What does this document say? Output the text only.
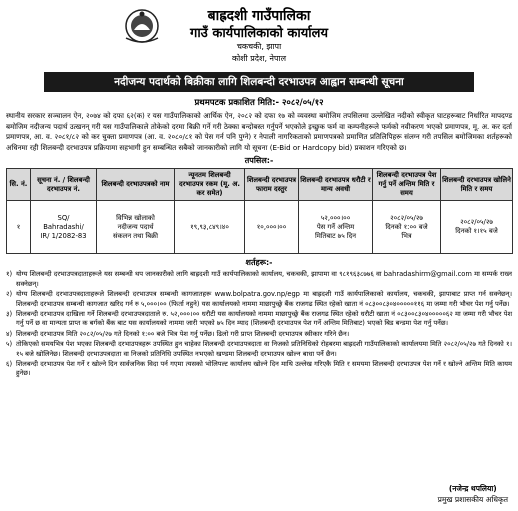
बाह्रदशी गाउँपालिका
गाउँ कार्यपालिकाको कार्यालय
चकचकी, झापा
कोशी प्रदेश, नेपाल
नदीजन्य पदार्थको बिक्रीका लागि शिलबन्दी दरभाउपत्र आह्वान सम्बन्धी सूचना
प्रथमपटक प्रकाशित मिति:- २०८२/०५/१२
स्थानीय सरकार सञ्चालन ऐन, २०७४ को दफा ६२(क) र यस गाउँपालिकाको आर्थिक ऐन, २०८२ को दफा १७ को व्यवस्था बमोजिम तपसिलमा उल्लेखित नदीको स्वीकृत घाटहरूबाट निर्धारित मापदण्ड बमोजिम नदीजन्य पदार्थ उत्खनन् गरी यस गाउँपालिकाले तोकेको दरमा बिक्री गर्ने गरी ठेक्का बन्दोबस्त गर्नुपर्ने भएकोले इच्छुक फर्म वा कम्पनीहरूले फर्मको नवीकरण भएको प्रमाणपत्र, मू. अ. कर दर्ता प्रमाणपत्र, आ. व. २०८१/८२ को कर चुक्ता प्रमाणपत्र (आ. व. २०८०/८१ को पेस गर्न पनि पुग्ने) र नेपाली नागरिकताको प्रमाणपत्रको प्रमाणित प्रतिलिपिहरू संलग्न गरी तपसिल बमोजिमका शर्तहरूको अधिनमा रही शिलबन्दी दरभाउपत्र प्रक्रियामा सहभागी हुन सम्बन्धित सबैको जानकारीको लागि यो सूचना (E-Bid or Hardcopy bid) प्रकाशन गरिएको छ।
तपसिल:-
सि. नं.	सूचना नं. / शिलबन्दी दरभाउपत्र नं.	शिलबन्दी दरभाउपत्रको नाम	न्यूनतम शिलबन्दी दरभाउपत्र रकम (मू. अ. कर समेत)	शिलबन्दी दरभाउपत्र फाराम दस्तुर	शिलबन्दी दरभाउपत्र धरौटी र मान्य अवधी	शिलबन्दी दरभाउपत्र पेश गर्नु पर्ने अन्तिम मिति र समय	शिलबन्दी दरभाउपत्र खोलिने मिति र समय
१	SQ/
Bahradashi/
IR/ 1/2082-83	विभिन्न खोलाको
नदीजन्य पदार्थ
संकलन तथा बिक्री	१९,९३,८४९।४०	१०,०००।००	५२,०००।००
पेस गर्ने अन्तिम
मितिबाट ७५ दिन	२०८२/०५/२७
दिनको १:०० बजे
भित्र	२०८२/०५/२७
दिनको १।१५ बजे
शर्तहरू:-
१) योग्य शिलबन्दी दरभाउपत्रदाताहरूले यस सम्बन्धी थप जानकारीको लागि बाह्रदशी गाउँ कार्यपालिकाको कार्यालय, चकचकी, झापामा वा ९८१९६३८७७६ वा bahradashirm@gmail.com मा सम्पर्क राख्न सक्नेछन्।
२) योग्य शिलबन्दी दरभाउपत्रदाताहरूले शिलबन्दी दरभाउपत्र सम्बन्धी कागजातहरू www.bolpatra.gov.np/egp मा बाह्रदशी गाउँ कार्यपालिकाको कार्यालय, चकचकी, झापाबाट प्राप्त गर्न सक्नेछन्। शिलबन्दी दरभाउपत्र सम्बन्धी कागजात खरिद गर्न रु ५,०००।०० (फिर्ता नहुने) यस कार्यालयको नाममा माछापुच्छ्रे बैंक राजगढ स्थित रहेको खाता नं ०८३००८३०४०००००११६ मा जम्मा गरी भौचर पेश गर्नु पर्नेछ।
३) शिलबन्दी दरभाउपत्र दाखिला गर्ने शिलबन्दी दरभाउपत्रदाताले रु. ५२,०००।०० धरौटी यस कार्यालयको नाममा माछापुच्छ्रे बैंक राजगढ स्थित रहेको धरौटी खाता नं ०८३००८३०४०००००६२ मा जम्मा गरी भौचर पेश गर्नु पर्ने छ वा मान्यता प्राप्त क बर्गको बैंक बाट यस कार्यालयको नाममा जारी भएको ७५ दिन म्याद (शिलबन्दी दरभाउपत्र पेश गर्ने अन्तिम मितिबाट) भएको बिड बन्डमा पेश गर्नु पर्नेछ।
४) शिलबन्दी दरभाउपत्र मिति २०८२/०५/२७ गते दिनको १:०० बजे भित्र पेश गर्नु पर्नेछ। ढिलो गरी प्राप्त शिलबन्दी दरभाउपत्र स्वीकार गरिने छैन।
५) तोकिएको समयभित्र पेश भएका शिलबन्दी दरभाउपत्रहरू उपस्थित हुन चाहेका शिलबन्दी दरभाउपत्रदाता वा निजको प्रतिनिधिको रोहबरमा बाह्रदशी गाउँपालिकाको कार्यालयमा मिति २०८२/०५/२७ गते दिनको १।१५ बजे खोलिनेछ। शिलबन्दी दरभाउपत्रदाता वा निजको प्रतिनिधि उपस्थित नभएको खण्डमा शिलबन्दी दरभाउपत्र खोल्न बाधा पर्ने छैन।
६) शिलबन्दी दरभाउपत्र पेश गर्ने र खोल्ने दिन सार्वजनिक विदा पर्न गएमा त्यसको भोलिपल्ट कार्यालय खोल्ने दिन माथि उल्लेख गरिएकै मिति र समयमा शिलबन्दी दरभाउपत्र पेश गर्ने र खोल्ने अन्तिम मिति कायम हुनेछ।
(नजेन्द्र थपलिया)
प्रमुख प्रशासकीय अधिकृत
